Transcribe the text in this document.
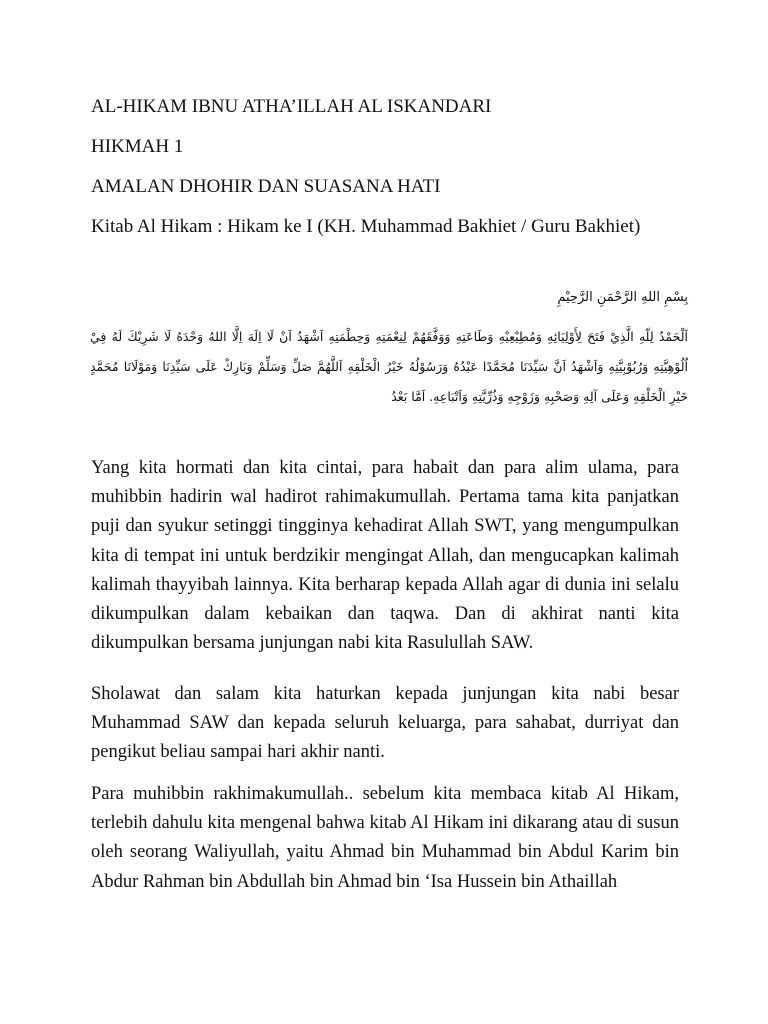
AL-HIKAM IBNU ATHA’ILLAH AL ISKANDARI

HIKMAH 1

AMALAN DHOHIR DAN SUASANA HATI

Kitab Al Hikam : Hikam ke I (KH. Muhammad Bakhiet / Guru Bakhiet)

بِسْمِ اللهِ الرَّحْمَنِ الرَّحِيْمِ
اَلْحَمْدُ لِلّهِ الَّذِيْ فَتَحَ لِأَوْلِيَائِهِ وَمُطِيْعِيْهِ وَطَاعَتِهِ وَوَفَّقَهُمْ لِنِعْمَتِهِ وَحِطْمَتِهِ اَشْهَدُ اَنْ لَا اِلَهَ اِلَّا اللهُ وَحْدَهُ لَا شَرِيْكَ لَهُ فِيْ اُلُوْهِيَّتِهِ وَرُبُوْبِيَّتِهِ وَاَشْهَدُ اَنَّ سَيِّدَنَا مُحَمَّدًا عَبْدُهُ وَرَسُوْلُهُ خَيْرُ الْخَلْقِهِ اَللَّهُمَّ صَلِّ وَسَلِّمْ وَبَارِكْ عَلَى سَيِّدِنَا وَمَوْلَانَا مُحَمَّدٍ خَيْرِ الْخَلْقِهِ وَعَلَى آلِهِ وَصَحْبِهِ وَزَوْجِهِ وَذُرِّيَّتِهِ وَاَتْبَاعِهِ. اَمَّا بَعْدُ

Yang kita hormati dan kita cintai, para habait dan para alim ulama, para muhibbin hadirin wal hadirot rahimakumullah. Pertama tama kita panjatkan puji dan syukur setinggi tingginya kehadirat Allah SWT, yang mengumpulkan kita di tempat ini untuk berdzikir mengingat Allah, dan mengucapkan kalimah kalimah thayyibah lainnya. Kita berharap kepada Allah agar di dunia ini selalu dikumpulkan dalam kebaikan dan taqwa. Dan di akhirat nanti kita dikumpulkan bersama junjungan nabi kita Rasulullah SAW.

Sholawat dan salam kita haturkan kepada junjungan kita nabi besar Muhammad SAW dan kepada seluruh keluarga, para sahabat, durriyat dan pengikut beliau sampai hari akhir nanti.

Para muhibbin rakhimakumullah.. sebelum kita membaca kitab Al Hikam, terlebih dahulu kita mengenal bahwa kitab Al Hikam ini dikarang atau di susun oleh seorang Waliyullah, yaitu Ahmad bin Muhammad bin Abdul Karim bin Abdur Rahman bin Abdullah bin Ahmad bin ‘Isa Hussein bin Athaillah
